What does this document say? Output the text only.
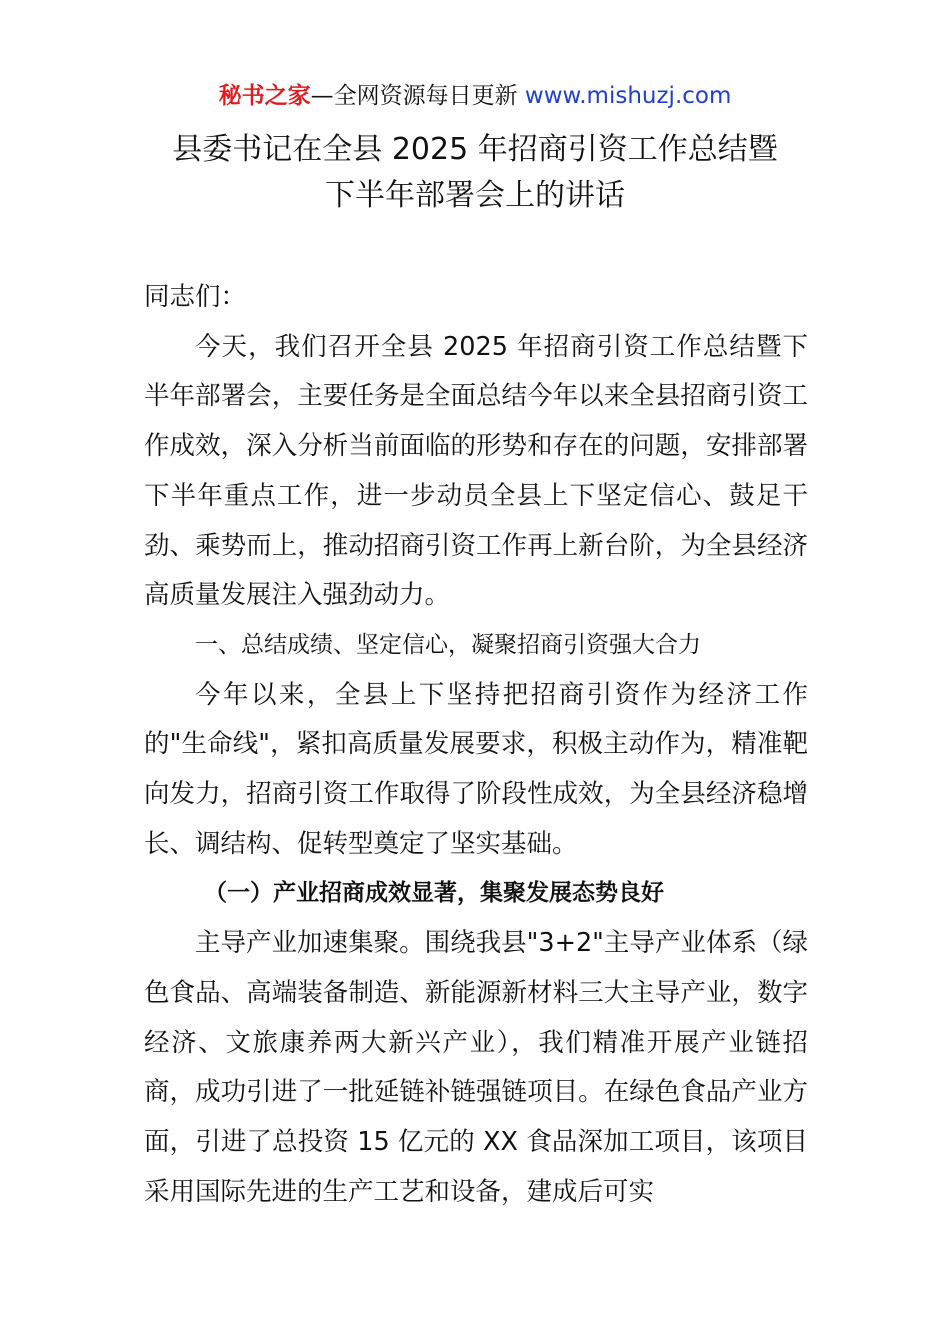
秘书之家—全网资源每日更新 www.mishuzj.com
县委书记在全县 2025 年招商引资工作总结暨
下半年部署会上的讲话

同志们：

今天，我们召开全县 2025 年招商引资工作总结暨下半年部署会，主要任务是全面总结今年以来全县招商引资工作成效，深入分析当前面临的形势和存在的问题，安排部署下半年重点工作，进一步动员全县上下坚定信心、鼓足干劲、乘势而上，推动招商引资工作再上新台阶，为全县经济高质量发展注入强劲动力。

一、总结成绩、坚定信心，凝聚招商引资强大合力

今年以来，全县上下坚持把招商引资作为经济工作的"生命线"，紧扣高质量发展要求，积极主动作为，精准靶向发力，招商引资工作取得了阶段性成效，为全县经济稳增长、调结构、促转型奠定了坚实基础。

（一）产业招商成效显著，集聚发展态势良好

主导产业加速集聚。围绕我县"3+2"主导产业体系（绿色食品、高端装备制造、新能源新材料三大主导产业，数字经济、文旅康养两大新兴产业），我们精准开展产业链招商，成功引进了一批延链补链强链项目。在绿色食品产业方面，引进了总投资 15 亿元的 XX 食品深加工项目，该项目采用国际先进的生产工艺和设备，建成后可实
